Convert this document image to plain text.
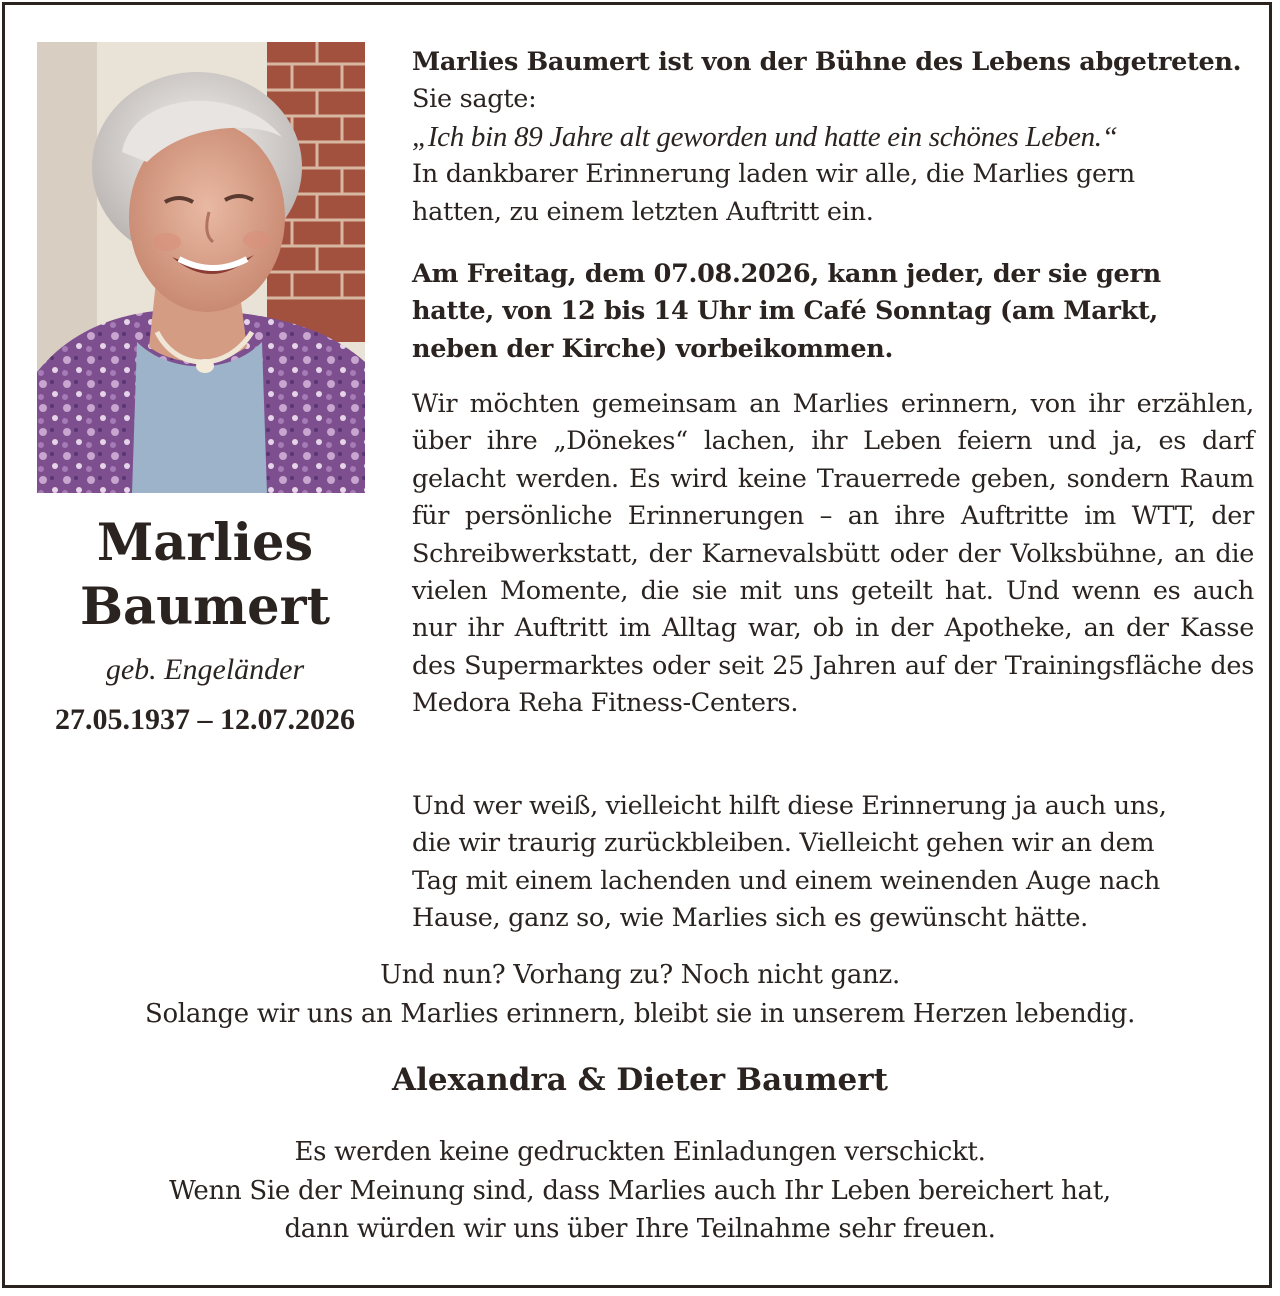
Marlies
Baumert
geb. Engeländer
27.05.1937 – 12.07.2026

Marlies Baumert ist von der Bühne des Lebens abgetreten.

Sie sagte:

„Ich bin 89 Jahre alt geworden und hatte ein schönes Leben.“

In dankbarer Erinnerung laden wir alle, die Marlies gern

hatten, zu einem letzten Auftritt ein.

Am Freitag, dem 07.08.2026, kann jeder, der sie gern

hatte, von 12 bis 14 Uhr im Café Sonntag (am Markt,

neben der Kirche) vorbeikommen.

Wir möchten gemeinsam an Marlies erinnern, von ihr erzählen, über ihre „Dönekes“ lachen, ihr Leben feiern und ja, es darf gelacht werden. Es wird keine Trauerrede geben, sondern Raum für persönliche Erinnerungen – an ihre Auftritte im WTT, der Schreibwerkstatt, der Karnevalsbütt oder der Volksbühne, an die vielen Momente, die sie mit uns geteilt hat. Und wenn es auch nur ihr Auftritt im Alltag war, ob in der Apotheke, an der Kasse des Supermarktes oder seit 25 Jahren auf der Trainingsfläche des Medora Reha Fitness-Centers.

Und wer weiß, vielleicht hilft diese Erinnerung ja auch uns,

die wir traurig zurückbleiben. Vielleicht gehen wir an dem

Tag mit einem lachenden und einem weinenden Auge nach

Hause, ganz so, wie Marlies sich es gewünscht hätte.

Und nun? Vorhang zu? Noch nicht ganz.
Solange wir uns an Marlies erinnern, bleibt sie in unserem Herzen lebendig.
Alexandra & Dieter Baumert
Es werden keine gedruckten Einladungen verschickt.
Wenn Sie der Meinung sind, dass Marlies auch Ihr Leben bereichert hat,
dann würden wir uns über Ihre Teilnahme sehr freuen.
